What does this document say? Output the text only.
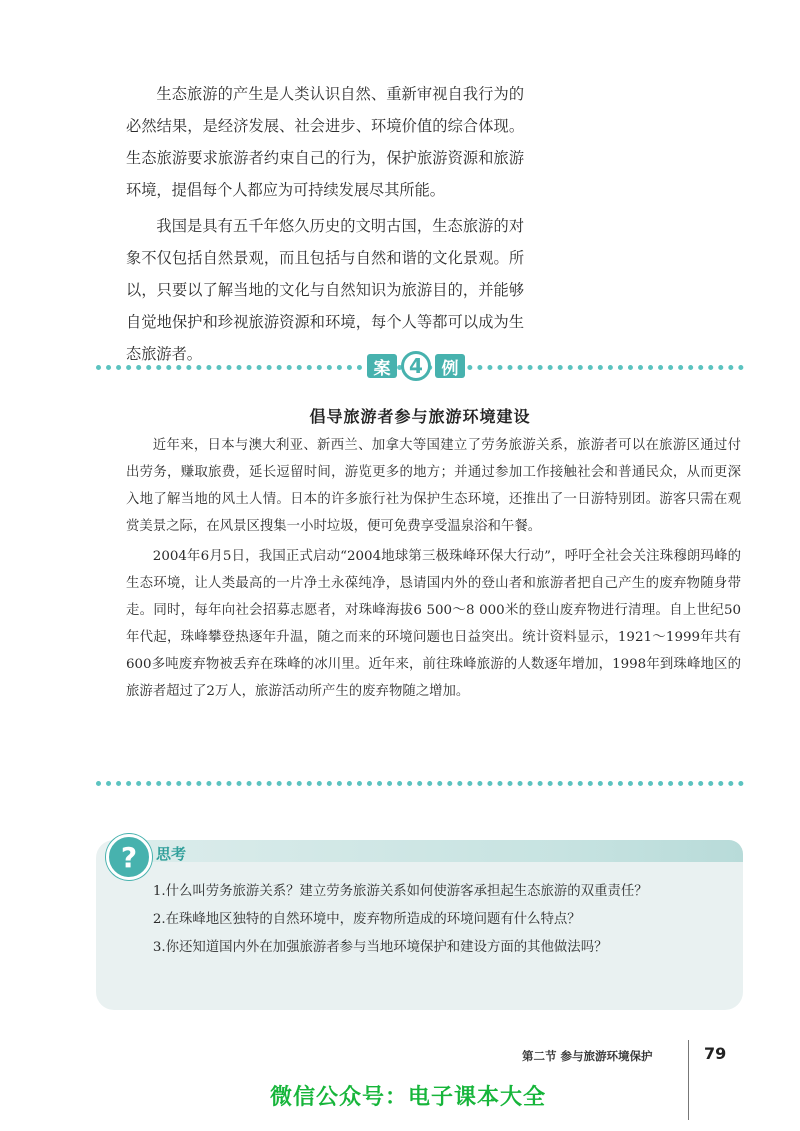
生态旅游的产生是人类认识自然、重新审视自我行为的必然结果，是经济发展、社会进步、环境价值的综合体现。生态旅游要求旅游者约束自己的行为，保护旅游资源和旅游环境，提倡每个人都应为可持续发展尽其所能。

我国是具有五千年悠久历史的文明古国，生态旅游的对象不仅包括自然景观，而且包括与自然和谐的文化景观。所以，只要以了解当地的文化与自然知识为旅游目的，并能够自觉地保护和珍视旅游资源和环境，每个人等都可以成为生态旅游者。

案 4	例
倡导旅游者参与旅游环境建设

近年来，日本与澳大利亚、新西兰、加拿大等国建立了劳务旅游关系，旅游者可以在旅游区通过付出劳务，赚取旅费，延长逗留时间，游览更多的地方；并通过参加工作接触社会和普通民众，从而更深入地了解当地的风土人情。日本的许多旅行社为保护生态环境，还推出了一日游特别团。游客只需在观赏美景之际，在风景区搜集一小时垃圾，便可免费享受温泉浴和午餐。

2004年6月5日，我国正式启动“2004地球第三极珠峰环保大行动”，呼吁全社会关注珠穆朗玛峰的生态环境，让人类最高的一片净土永葆纯净，恳请国内外的登山者和旅游者把自己产生的废弃物随身带走。同时，每年向社会招募志愿者，对珠峰海拔6 500～8 000米的登山废弃物进行清理。自上世纪50年代起，珠峰攀登热逐年升温，随之而来的环境问题也日益突出。统计资料显示，1921～1999年共有600多吨废弃物被丢弃在珠峰的冰川里。近年来，前往珠峰旅游的人数逐年增加，1998年到珠峰地区的旅游者超过了2万人，旅游活动所产生的废弃物随之增加。

?	思考
1.什么叫劳务旅游关系？建立劳务旅游关系如何使游客承担起生态旅游的双重责任？
2.在珠峰地区独特的自然环境中，废弃物所造成的环境问题有什么特点？
3.你还知道国内外在加强旅游者参与当地环境保护和建设方面的其他做法吗？
第二节 参与旅游环境保护	79
微信公众号：电子课本大全
